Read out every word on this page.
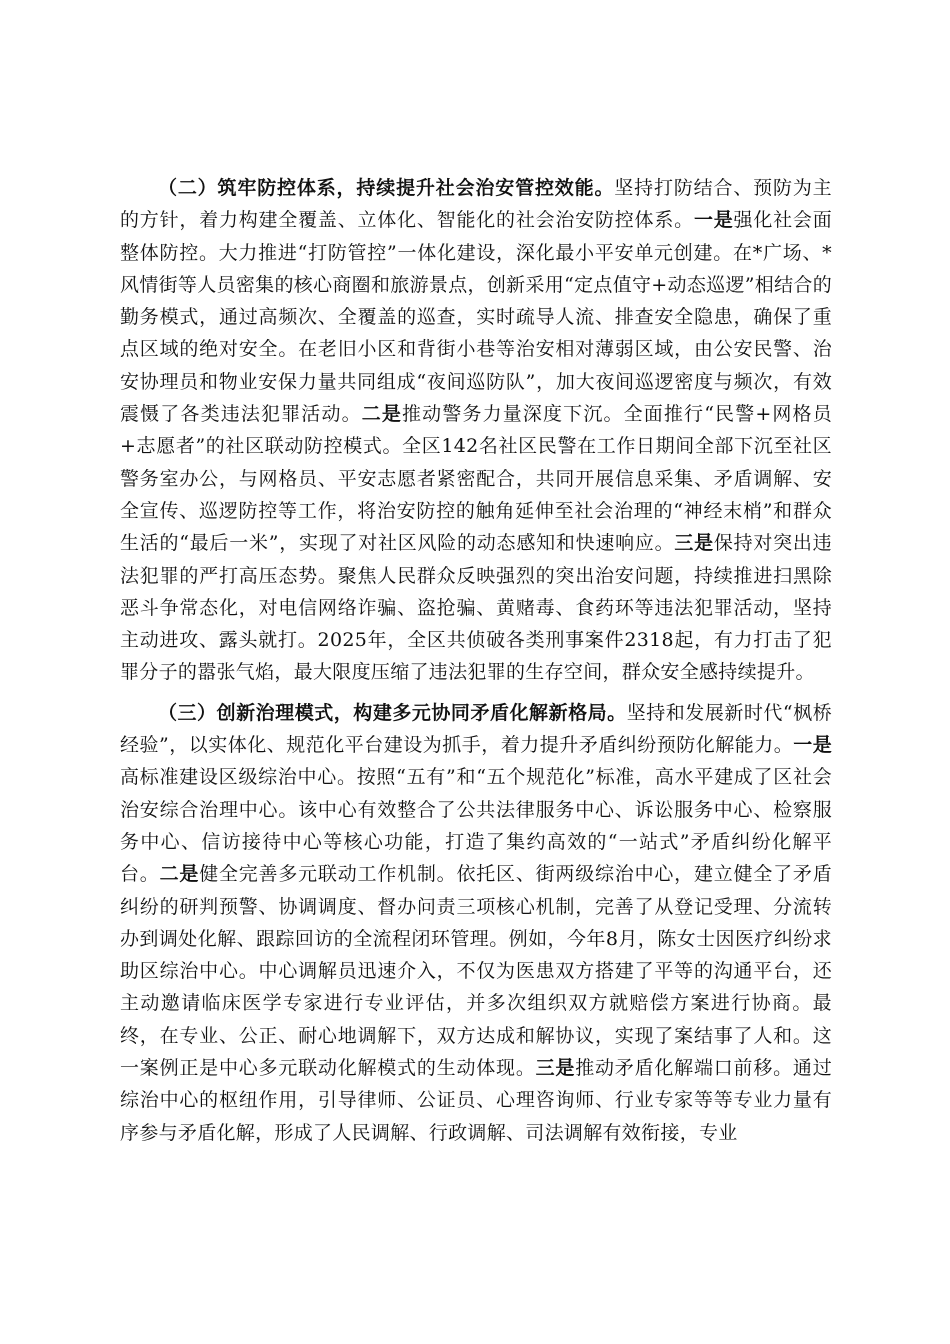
（二）筑牢防控体系，持续提升社会治安管控效能。坚持打防结合、预防为主的方针，着力构建全覆盖、立体化、智能化的社会治安防控体系。一是强化社会面整体防控。大力推进“打防管控”一体化建设，深化最小平安单元创建。在*广场、*风情街等人员密集的核心商圈和旅游景点，创新采用“定点值守+动态巡逻”相结合的勤务模式，通过高频次、全覆盖的巡查，实时疏导人流、排查安全隐患，确保了重点区域的绝对安全。在老旧小区和背街小巷等治安相对薄弱区域，由公安民警、治安协理员和物业安保力量共同组成“夜间巡防队”，加大夜间巡逻密度与频次，有效震慑了各类违法犯罪活动。二是推动警务力量深度下沉。全面推行“民警+网格员+志愿者”的社区联动防控模式。全区142名社区民警在工作日期间全部下沉至社区警务室办公，与网格员、平安志愿者紧密配合，共同开展信息采集、矛盾调解、安全宣传、巡逻防控等工作，将治安防控的触角延伸至社会治理的“神经末梢”和群众生活的“最后一米”，实现了对社区风险的动态感知和快速响应。三是保持对突出违法犯罪的严打高压态势。聚焦人民群众反映强烈的突出治安问题，持续推进扫黑除恶斗争常态化，对电信网络诈骗、盗抢骗、黄赌毒、食药环等违法犯罪活动，坚持主动进攻、露头就打。2025年，全区共侦破各类刑事案件2318起，有力打击了犯罪分子的嚣张气焰，最大限度压缩了违法犯罪的生存空间，群众安全感持续提升。

（三）创新治理模式，构建多元协同矛盾化解新格局。坚持和发展新时代“枫桥经验”，以实体化、规范化平台建设为抓手，着力提升矛盾纠纷预防化解能力。一是高标准建设区级综治中心。按照“五有”和“五个规范化”标准，高水平建成了区社会治安综合治理中心。该中心有效整合了公共法律服务中心、诉讼服务中心、检察服务中心、信访接待中心等核心功能，打造了集约高效的“一站式”矛盾纠纷化解平台。二是健全完善多元联动工作机制。依托区、街两级综治中心，建立健全了矛盾纠纷的研判预警、协调调度、督办问责三项核心机制，完善了从登记受理、分流转办到调处化解、跟踪回访的全流程闭环管理。例如，今年8月，陈女士因医疗纠纷求助区综治中心。中心调解员迅速介入，不仅为医患双方搭建了平等的沟通平台，还主动邀请临床医学专家进行专业评估，并多次组织双方就赔偿方案进行协商。最终，在专业、公正、耐心地调解下，双方达成和解协议，实现了案结事了人和。这一案例正是中心多元联动化解模式的生动体现。三是推动矛盾化解端口前移。通过综治中心的枢纽作用，引导律师、公证员、心理咨询师、行业专家等等专业力量有序参与矛盾化解，形成了人民调解、行政调解、司法调解有效衔接，专业
